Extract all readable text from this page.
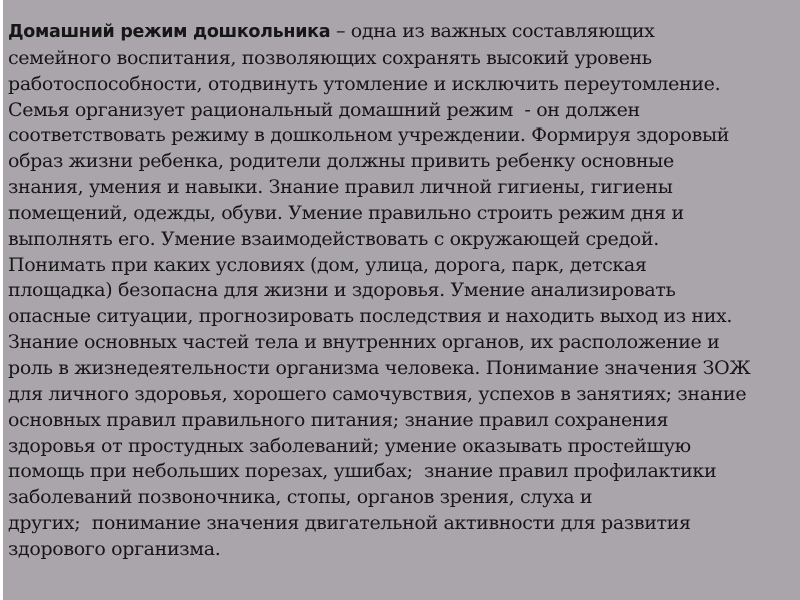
Домашний режим дошкольника – одна из важных составляющих
семейного воспитания, позволяющих сохранять высокий уровень
работоспособности, отодвинуть утомление и исключить переутомление.
Семья организует рациональный домашний режим  - он должен
соответствовать режиму в дошкольном учреждении. Формируя здоровый
образ жизни ребенка, родители должны привить ребенку основные
знания, умения и навыки. Знание правил личной гигиены, гигиены
помещений, одежды, обуви. Умение правильно строить режим дня и
выполнять его. Умение взаимодействовать с окружающей средой.
Понимать при каких условиях (дом, улица, дорога, парк, детская
площадка) безопасна для жизни и здоровья. Умение анализировать
опасные ситуации, прогнозировать последствия и находить выход из них.
Знание основных частей тела и внутренних органов, их расположение и
роль в жизнедеятельности организма человека. Понимание значения ЗОЖ
для личного здоровья, хорошего самочувствия, успехов в занятиях; знание
основных правил правильного питания; знание правил сохранения
здоровья от простудных заболеваний; умение оказывать простейшую
помощь при небольших порезах, ушибах;  знание правил профилактики
заболеваний позвоночника, стопы, органов зрения, слуха и
других;  понимание значения двигательной активности для развития
здорового организма.
